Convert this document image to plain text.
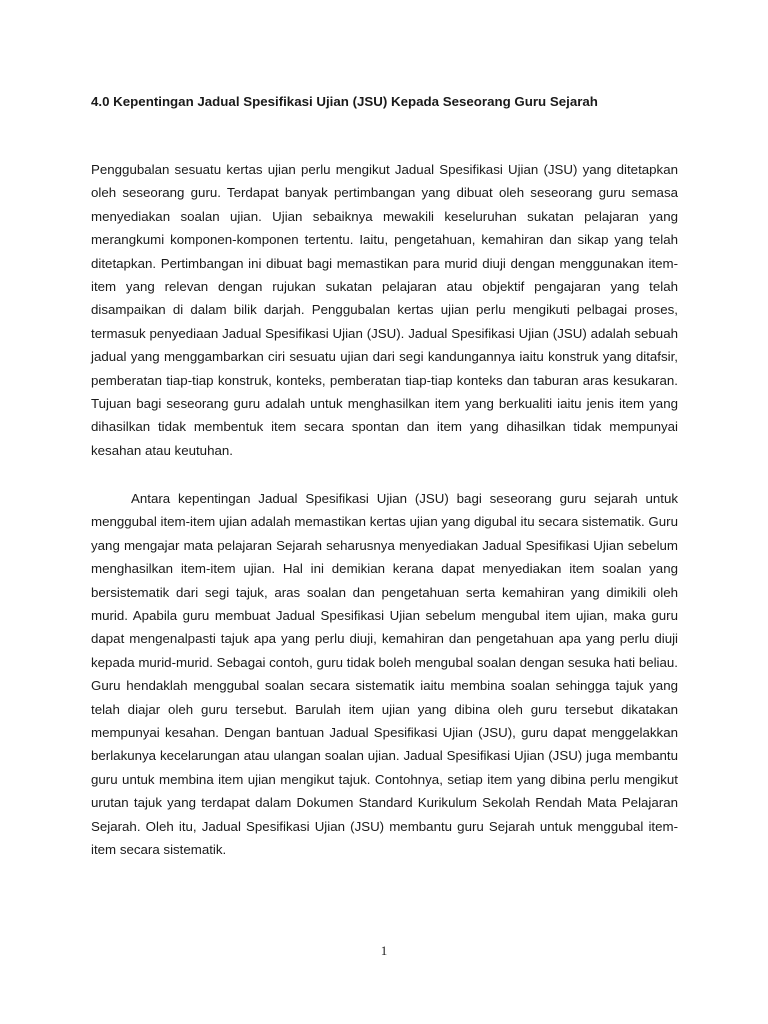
4.0 Kepentingan Jadual Spesifikasi Ujian (JSU) Kepada Seseorang Guru Sejarah

Penggubalan sesuatu kertas ujian perlu mengikut Jadual Spesifikasi Ujian (JSU) yang ditetapkan oleh seseorang guru. Terdapat banyak pertimbangan yang dibuat oleh seseorang guru semasa menyediakan soalan ujian. Ujian sebaiknya mewakili keseluruhan sukatan pelajaran yang merangkumi komponen-komponen tertentu. Iaitu, pengetahuan, kemahiran dan sikap yang telah ditetapkan. Pertimbangan ini dibuat bagi memastikan para murid diuji dengan menggunakan item-item yang relevan dengan rujukan sukatan pelajaran atau objektif pengajaran yang telah disampaikan di dalam bilik darjah. Penggubalan kertas ujian perlu mengikuti pelbagai proses, termasuk penyediaan Jadual Spesifikasi Ujian (JSU). Jadual Spesifikasi Ujian (JSU) adalah sebuah jadual yang menggambarkan ciri sesuatu ujian dari segi kandungannya iaitu konstruk yang ditafsir, pemberatan tiap-tiap konstruk, konteks, pemberatan tiap-tiap konteks dan taburan aras kesukaran. Tujuan bagi seseorang guru adalah untuk menghasilkan item yang berkualiti iaitu jenis item yang dihasilkan tidak membentuk item secara spontan dan item yang dihasilkan tidak mempunyai kesahan atau keutuhan.

Antara kepentingan Jadual Spesifikasi Ujian (JSU) bagi seseorang guru sejarah untuk menggubal item-item ujian adalah memastikan kertas ujian yang digubal itu secara sistematik. Guru yang mengajar mata pelajaran Sejarah seharusnya menyediakan Jadual Spesifikasi Ujian sebelum menghasilkan item-item ujian. Hal ini demikian kerana dapat menyediakan item soalan yang bersistematik dari segi tajuk, aras soalan dan pengetahuan serta kemahiran yang dimikili oleh murid. Apabila guru membuat Jadual Spesifikasi Ujian sebelum mengubal item ujian, maka guru dapat mengenalpasti tajuk apa yang perlu diuji, kemahiran dan pengetahuan apa yang perlu diuji kepada murid-murid. Sebagai contoh, guru tidak boleh mengubal soalan dengan sesuka hati beliau. Guru hendaklah menggubal soalan secara sistematik iaitu membina soalan sehingga tajuk yang telah diajar oleh guru tersebut. Barulah item ujian yang dibina oleh guru tersebut dikatakan mempunyai kesahan. Dengan bantuan Jadual Spesifikasi Ujian (JSU), guru dapat menggelakkan berlakunya kecelarungan atau ulangan soalan ujian. Jadual Spesifikasi Ujian (JSU) juga membantu guru untuk membina item ujian mengikut tajuk. Contohnya, setiap item yang dibina perlu mengikut urutan tajuk yang terdapat dalam Dokumen Standard Kurikulum Sekolah Rendah Mata Pelajaran Sejarah. Oleh itu, Jadual Spesifikasi Ujian (JSU) membantu guru Sejarah untuk menggubal item-item secara sistematik.

1
